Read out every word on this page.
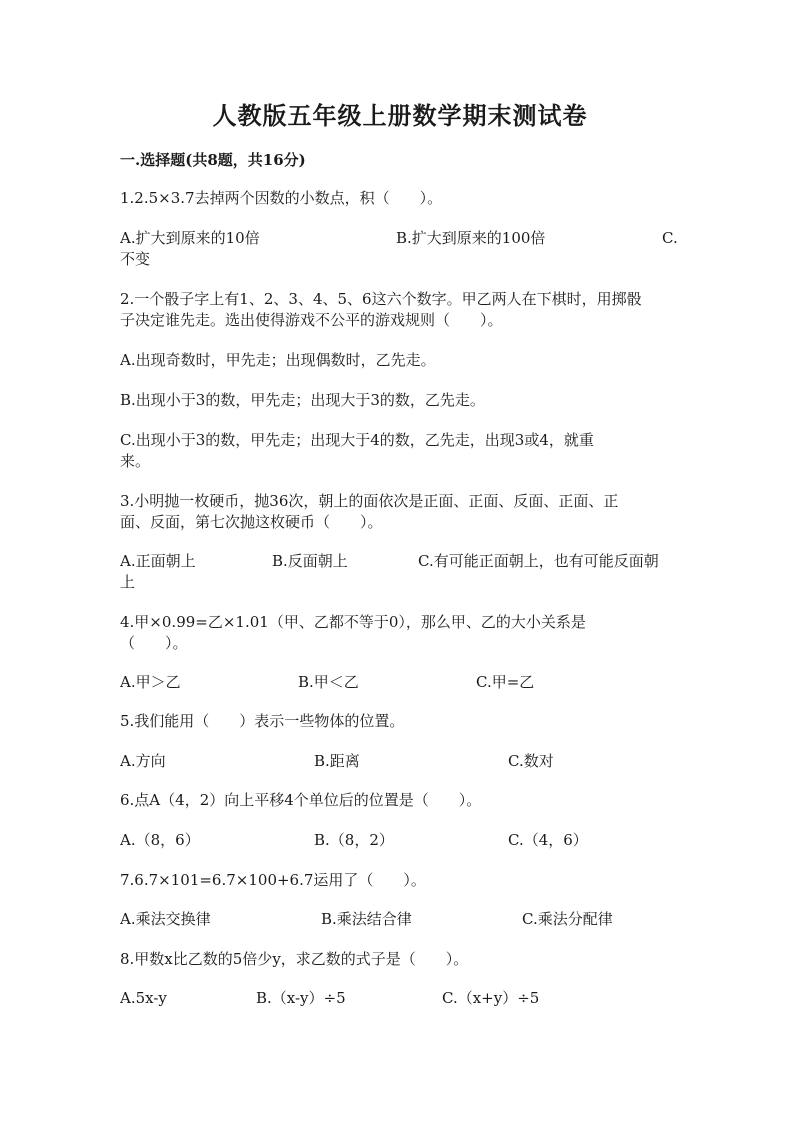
人教版五年级上册数学期末测试卷
一.选择题(共8题，共16分)
1.2.5×3.7去掉两个因数的小数点，积（　　）。
A.扩大到原来的10倍	B.扩大到原来的100倍	C.
不变
2.一个骰子字上有1、2、3、4、5、6这六个数字。甲乙两人在下棋时，用掷骰
子决定谁先走。选出使得游戏不公平的游戏规则（　　）。
A.出现奇数时，甲先走；出现偶数时，乙先走。
B.出现小于3的数，甲先走；出现大于3的数，乙先走。
C.出现小于3的数，甲先走；出现大于4的数，乙先走，出现3或4，就重
来。
3.小明抛一枚硬币，抛36次，朝上的面依次是正面、正面、反面、正面、正
面、反面，第七次抛这枚硬币（　　）。
A.正面朝上	B.反面朝上	C.有可能正面朝上，也有可能反面朝
上
4.甲×0.99=乙×1.01（甲、乙都不等于0），那么甲、乙的大小关系是
（　　）。
A.甲＞乙	B.甲＜乙	C.甲=乙
5.我们能用（　　）表示一些物体的位置。
A.方向	B.距离	C.数对
6.点A（4，2）向上平移4个单位后的位置是（　　）。
A.（8，6）	B.（8，2）	C.（4，6）
7.6.7×101=6.7×100+6.7运用了（　　）。
A.乘法交换律	B.乘法结合律	C.乘法分配律
8.甲数x比乙数的5倍少y，求乙数的式子是（　　）。
A.5x-y	B.（x-y）÷5	C.（x+y）÷5
